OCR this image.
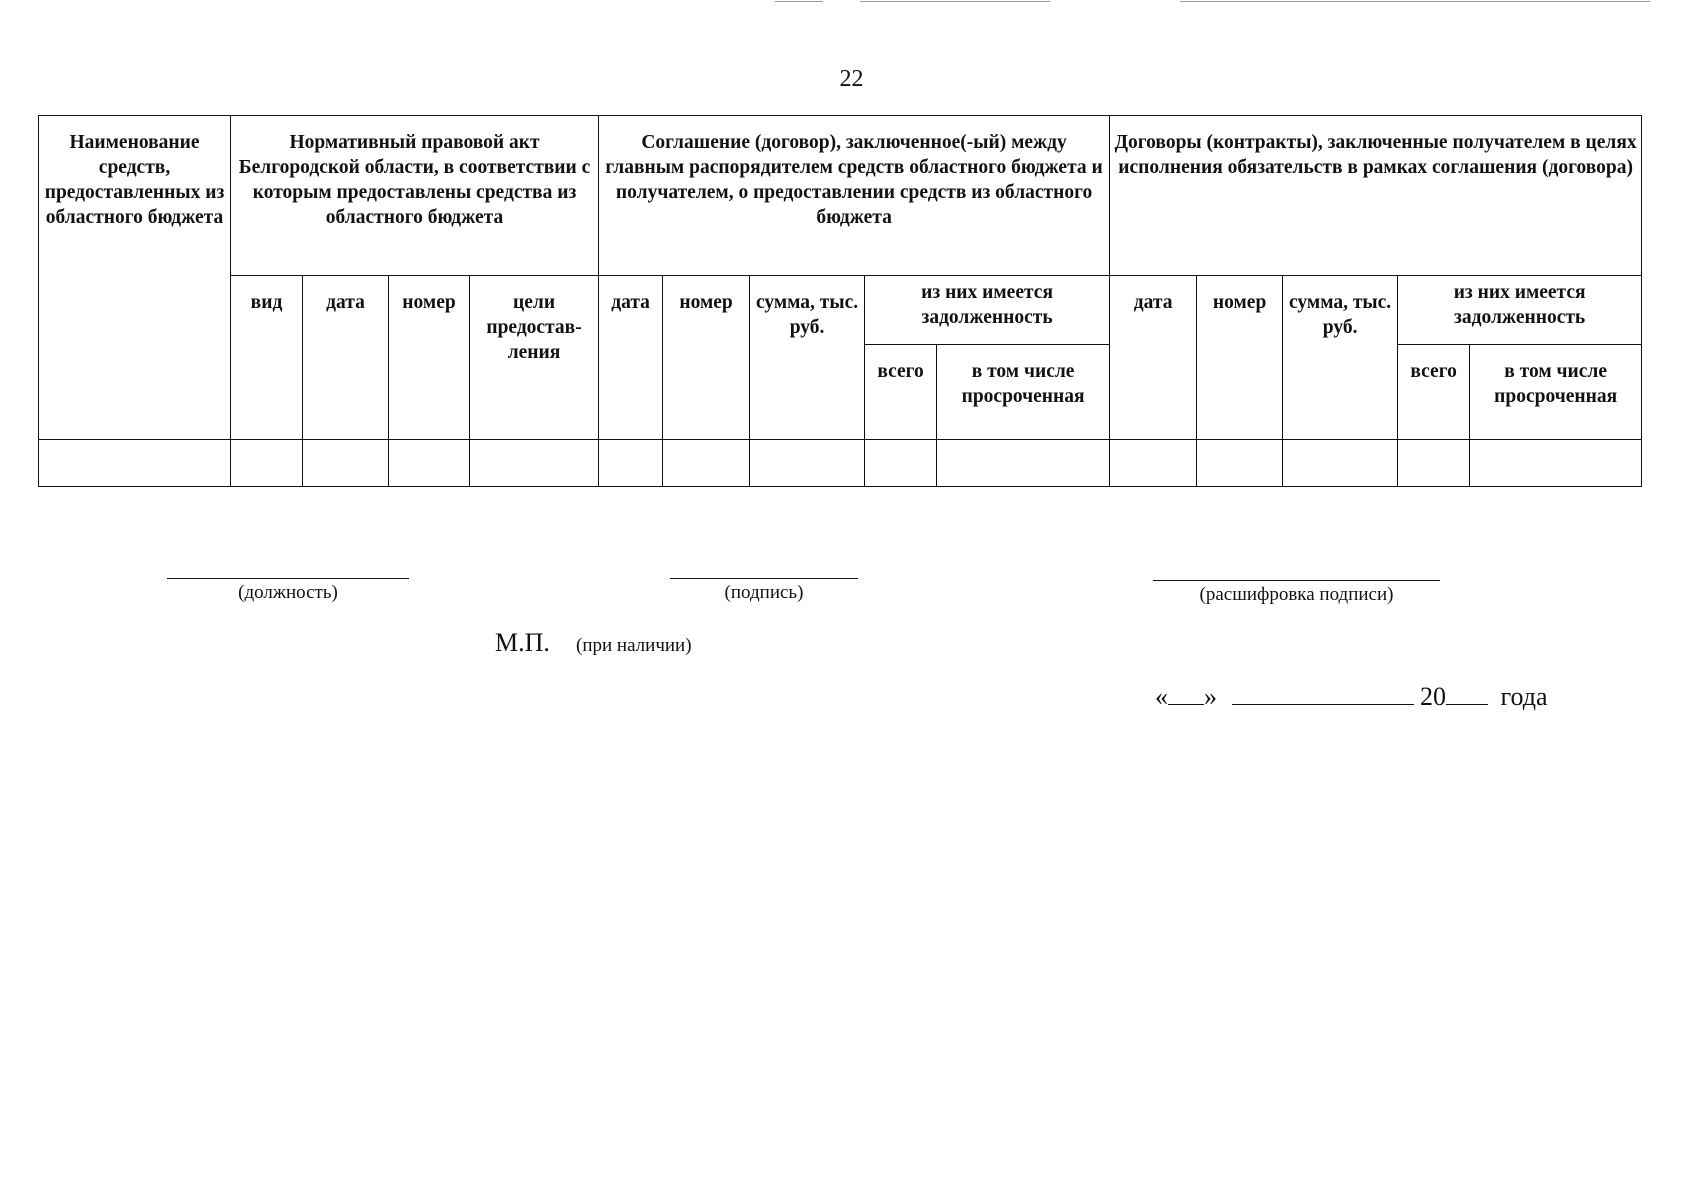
22
Наименование средств, предоставленных из областного бюджета	Нормативный правовой акт Белгородской области, в соответствии с которым предоставлены средства из областного бюджета				Соглашение (договор), заключенное(-ый) между главным распорядителем средств областного бюджета и получателем, о предоставлении средств из областного бюджета					Договоры (контракты), заключенные получателем в целях исполнения обязательств в рамках соглашения (договора)				
	вид	дата	номер	цели предостав-ления	дата	номер	сумма, тыс. руб.	из них имеется задолженность		дата	номер	сумма, тыс. руб.	из них имеется задолженность	
								всего	в том числе просроченная				всего	в том числе просроченная

(должность)	(подпись)	(расшифровка подписи)
М.П. (при наличии)
« »	20 года
